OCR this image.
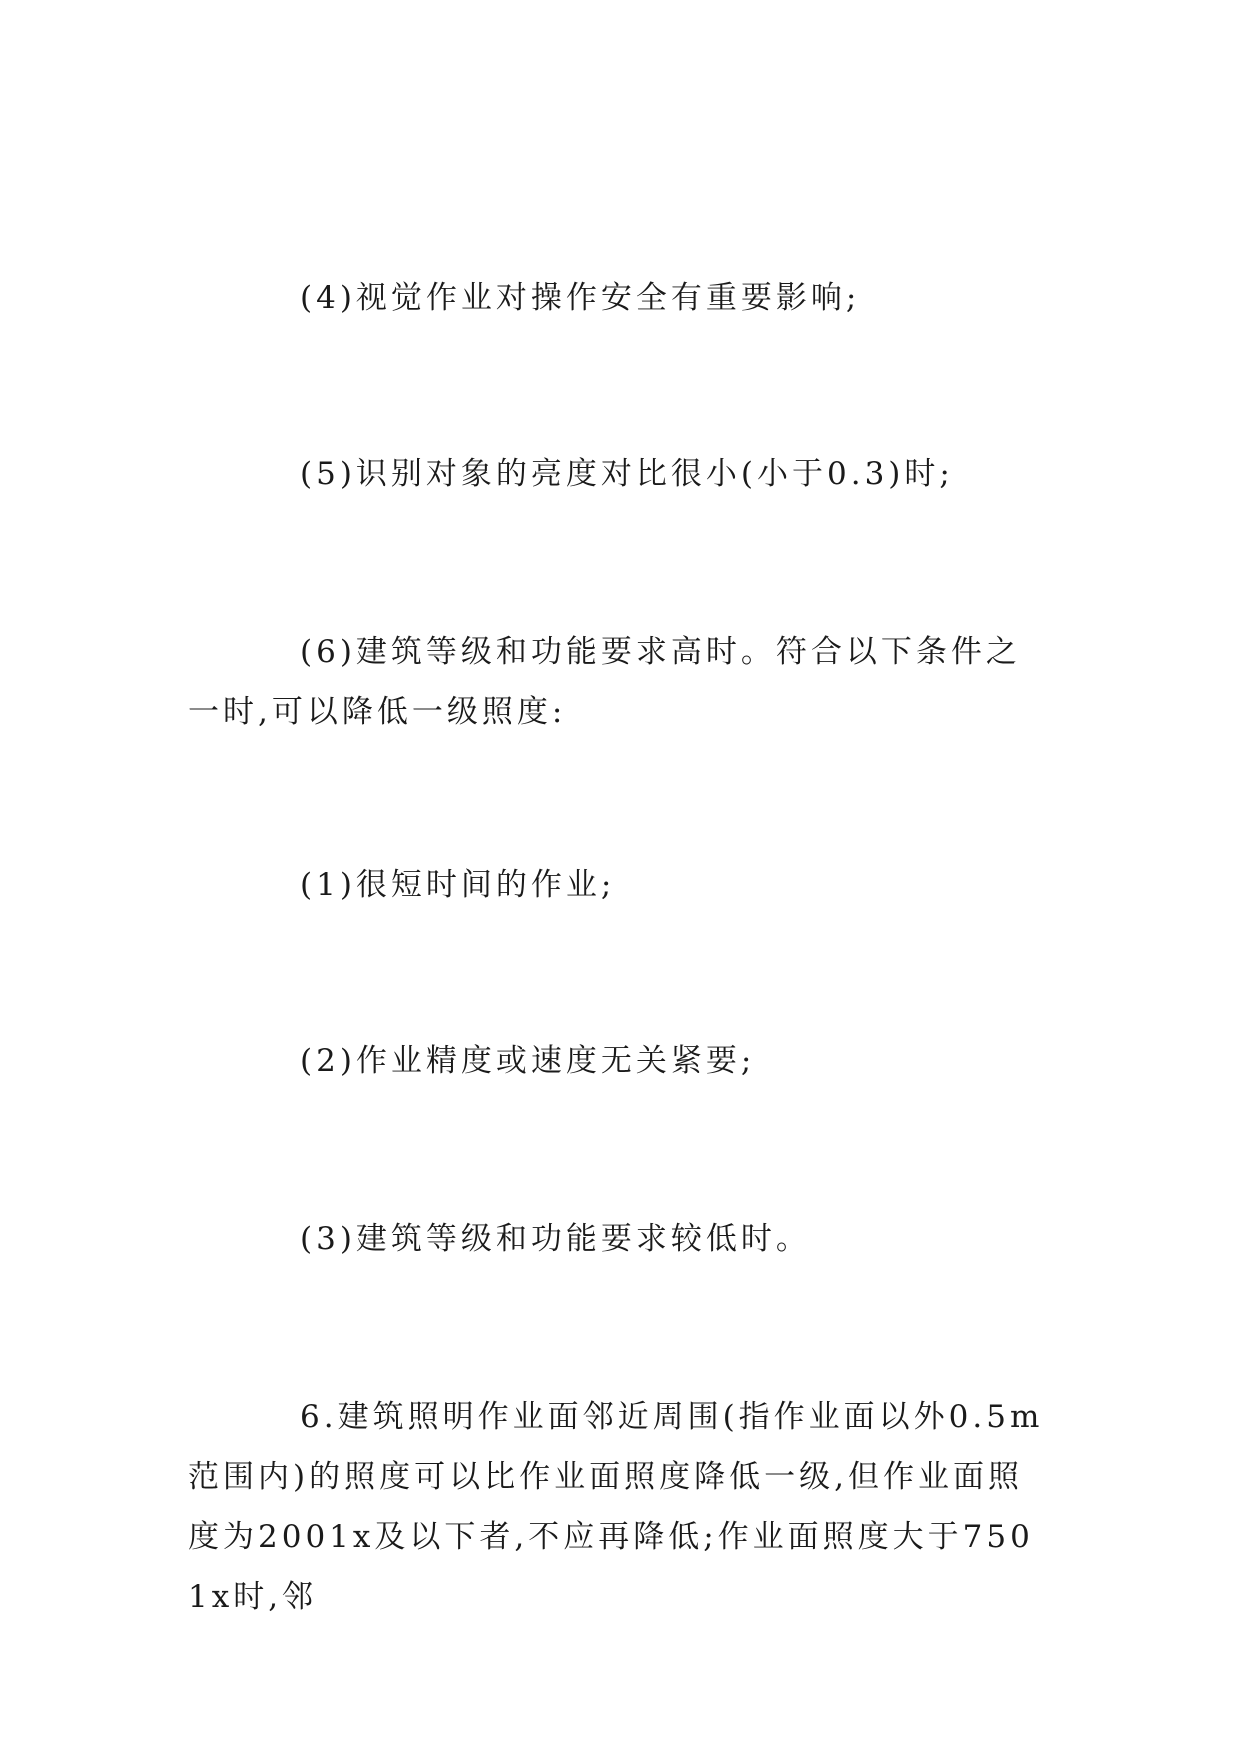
(4)视觉作业对操作安全有重要影响;

(5)识别对象的亮度对比很小(小于0.3)时;

(6)建筑等级和功能要求高时。符合以下条件之一时,可以降低一级照度:

(1)很短时间的作业;

(2)作业精度或速度无关紧要;

(3)建筑等级和功能要求较低时。

6.建筑照明作业面邻近周围(指作业面以外0.5m范围内)的照度可以比作业面照度降低一级,但作业面照度为2001x及以下者,不应再降低;作业面照度大于7501x时,邻
